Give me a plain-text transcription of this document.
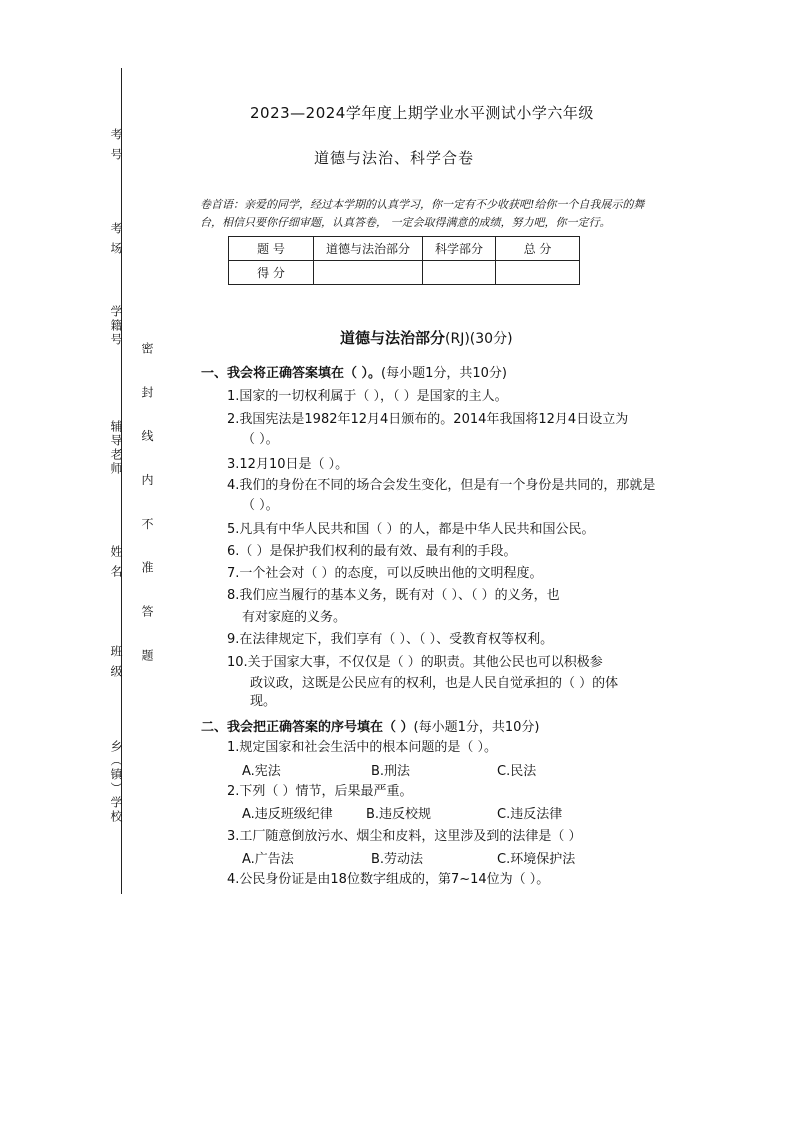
考 号
考 场
学籍号
辅导老师
姓 名
班 级
乡（镇）学校
密 封 线 内 不 准 答 题
2023—2024学年度上期学业水平测试小学六年级
道德与法治、科学合卷
卷首语：亲爱的同学，经过本学期的认真学习，你一定有不少收获吧!给你一个自我展示的舞
台，相信只要你仔细审题，认真答卷， 一定会取得满意的成绩，努力吧，你一定行。
题 号	道德与法治部分	科学部分	总 分
得 分			
道德与法治部分(RJ)(30分)
一、我会将正确答案填在（ ）。(每小题1分，共10分)
1.国家的一切权利属于（ ），（ ）是国家的主人。
2.我国宪法是1982年12月4日颁布的。2014年我国将12月4日设立为
（ ）。
3.12月10日是（ ）。
4.我们的身份在不同的场合会发生变化，但是有一个身份是共同的，那就是
（ ）。
5.凡具有中华人民共和国（ ）的人，都是中华人民共和国公民。
6.（ ）是保护我们权利的最有效、最有利的手段。
7.一个社会对（ ）的态度，可以反映出他的文明程度。
8.我们应当履行的基本义务，既有对（ ）、（ ）的义务，也
有对家庭的义务。
9.在法律规定下，我们享有（ ）、（ ）、受教育权等权利。
10.关于国家大事，不仅仅是（ ）的职责。其他公民也可以积极参
政议政，这既是公民应有的权利，也是人民自觉承担的（ ）的体
现。
二、我会把正确答案的序号填在（ ）(每小题1分，共10分)
1.规定国家和社会生活中的根本问题的是（ ）。
A.宪法	B.刑法	C.民法
2.下列（ ）情节，后果最严重。
A.违反班级纪律	B.违反校规	C.违反法律
3.工厂随意倒放污水、烟尘和皮料，这里涉及到的法律是（ ）
A.广告法	B.劳动法	C.环境保护法
4.公民身份证是由18位数字组成的，第7~14位为（ ）。
